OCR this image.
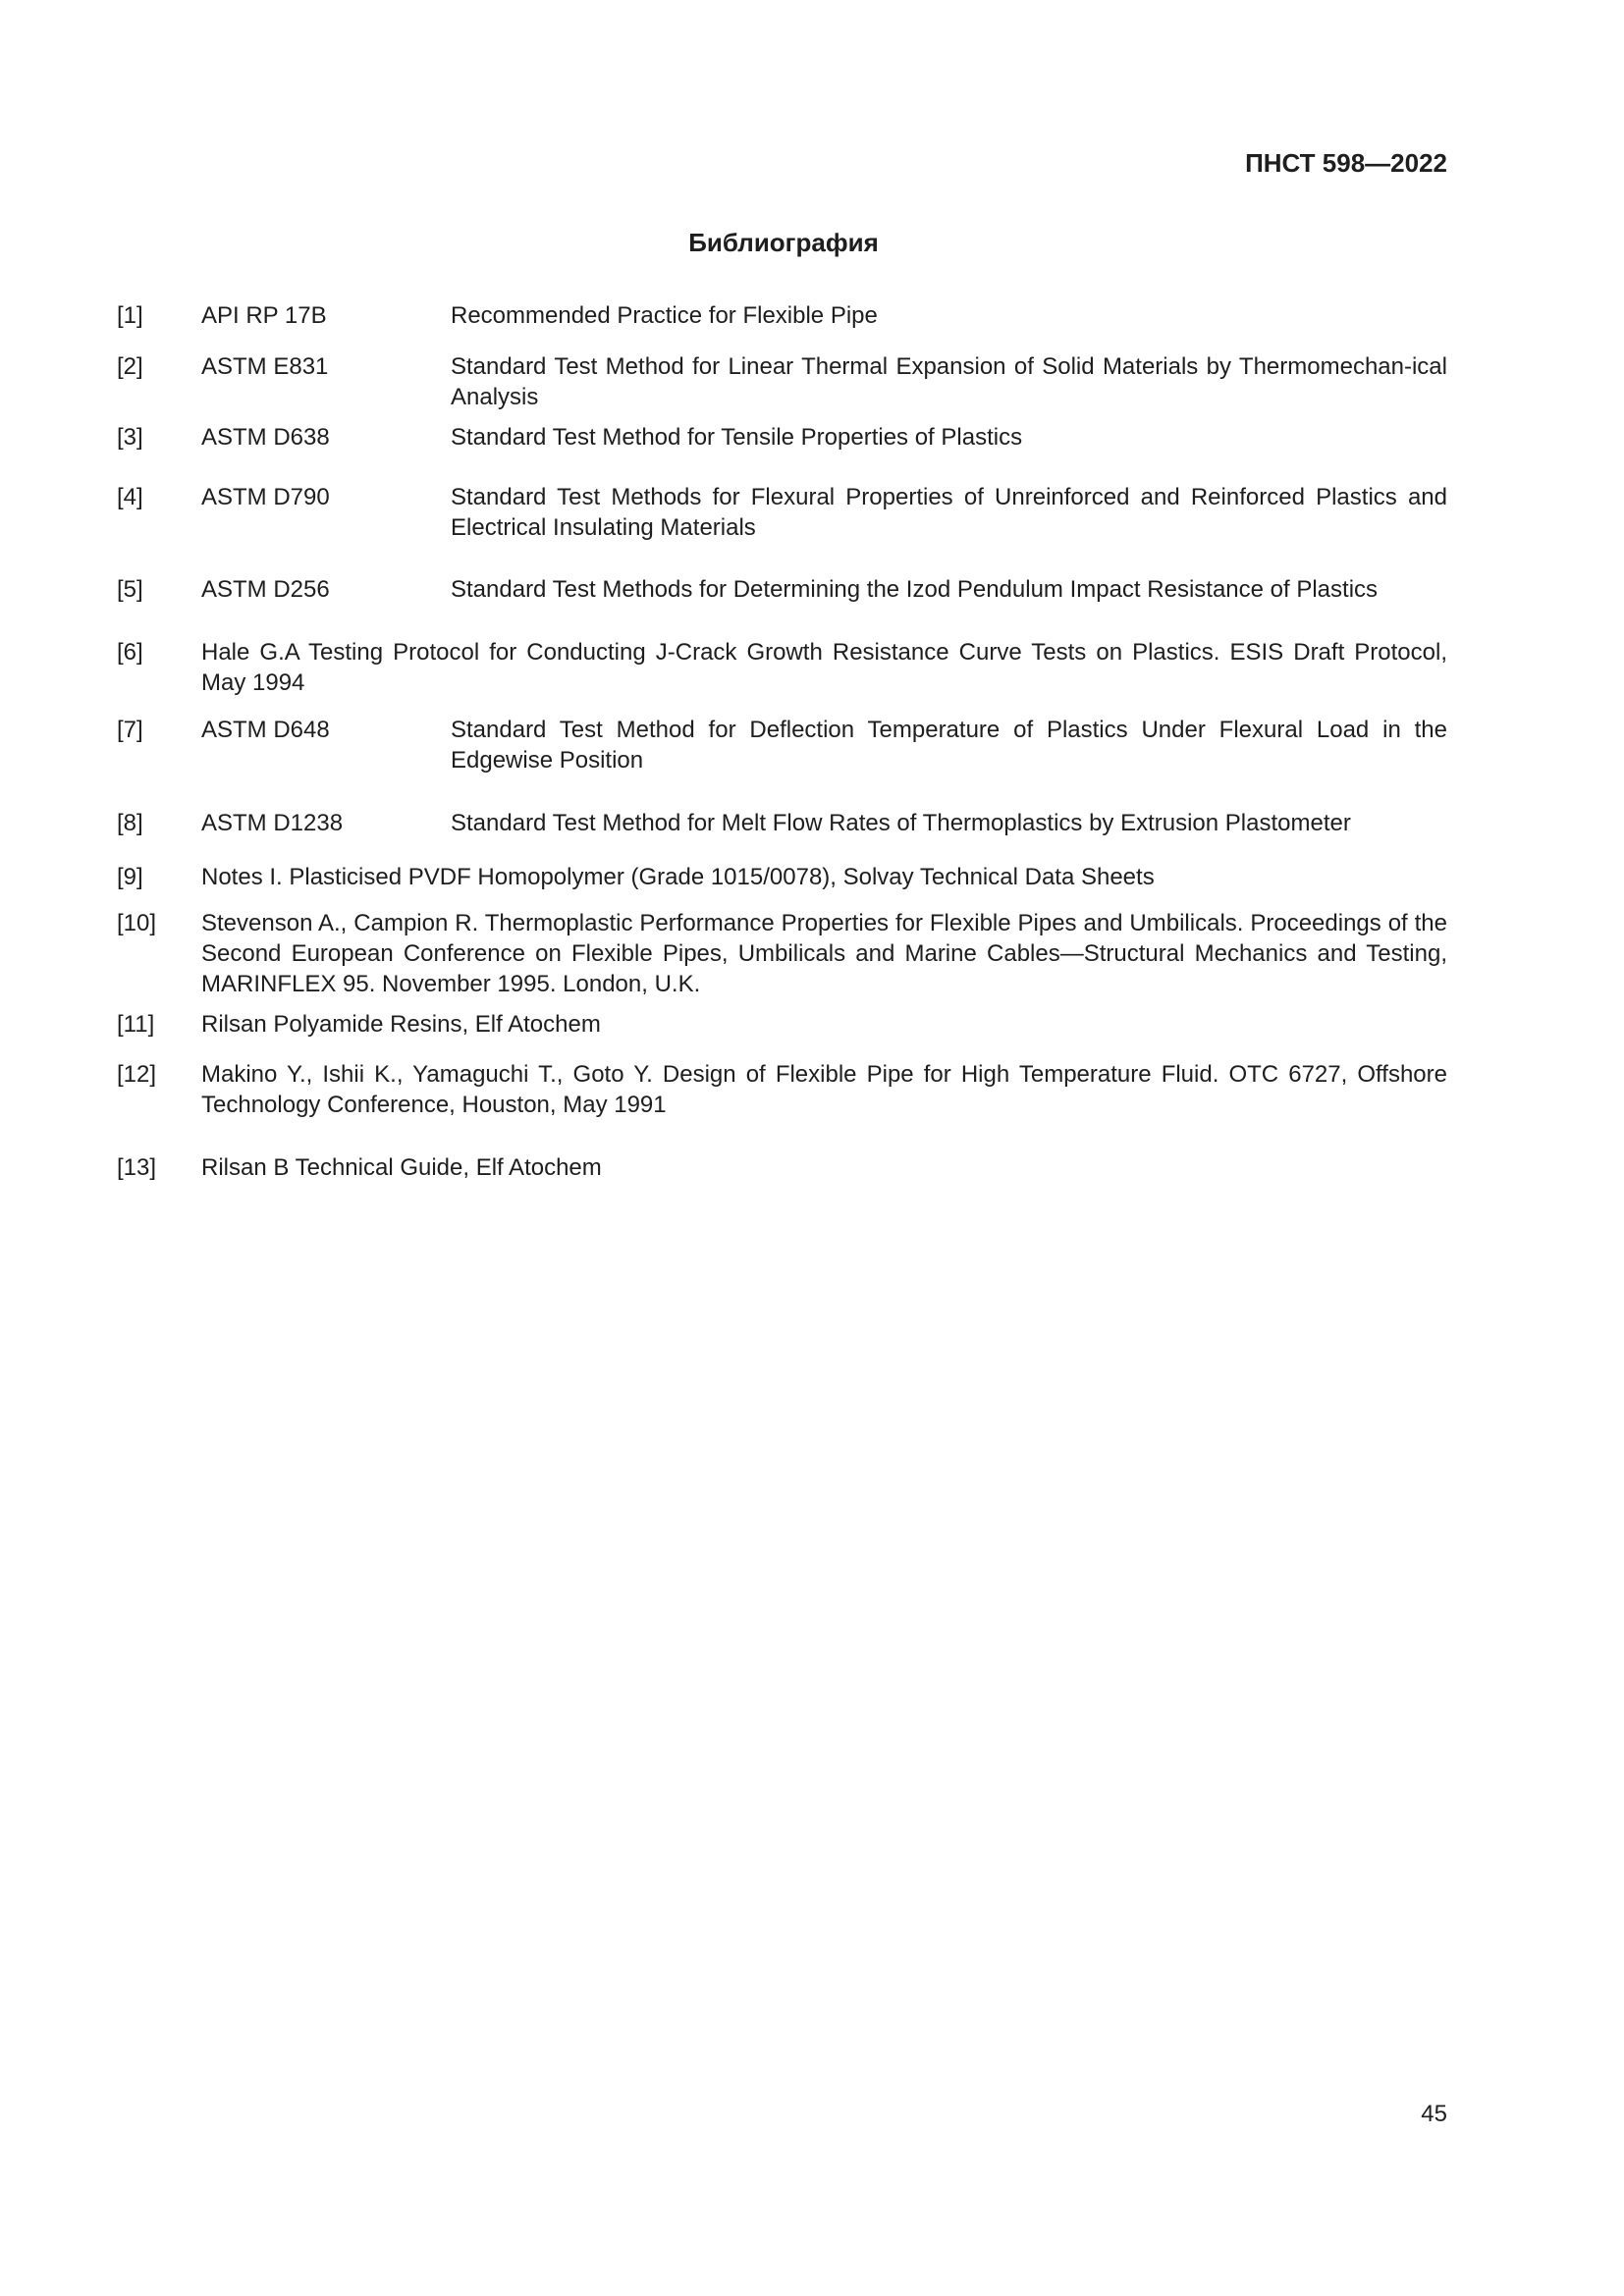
ПНСТ 598—2022
Библиография
[1] API RP 17B	Recommended Practice for Flexible Pipe
[2] ASTM E831	Standard Test Method for Linear Thermal Expansion of Solid Materials by Thermomechan-ical Analysis
[3] ASTM D638	Standard Test Method for Tensile Properties of Plastics
[4] ASTM D790	Standard Test Methods for Flexural Properties of Unreinforced and Reinforced Plastics and Electrical Insulating Materials
[5] ASTM D256	Standard Test Methods for Determining the Izod Pendulum Impact Resistance of Plastics
[6] Hale G.A Testing Protocol for Conducting J-Crack Growth Resistance Curve Tests on Plastics. ESIS Draft Protocol, May 1994
[7] ASTM D648	Standard Test Method for Deflection Temperature of Plastics Under Flexural Load in the Edgewise Position
[8] ASTM D1238	Standard Test Method for Melt Flow Rates of Thermoplastics by Extrusion Plastometer
[9] Notes I. Plasticised PVDF Homopolymer (Grade 1015/0078), Solvay Technical Data Sheets
[10] Stevenson A., Campion R. Thermoplastic Performance Properties for Flexible Pipes and Umbilicals. Proceedings of the Second European Conference on Flexible Pipes, Umbilicals and Marine Cables—Structural Mechanics and Testing, MARINFLEX 95. November 1995. London, U.K.
[11] Rilsan Polyamide Resins, Elf Atochem
[12] Makino Y., Ishii K., Yamaguchi T., Goto Y. Design of Flexible Pipe for High Temperature Fluid. OTC 6727, Offshore Technology Conference, Houston, May 1991
[13] Rilsan B Technical Guide, Elf Atochem
45
